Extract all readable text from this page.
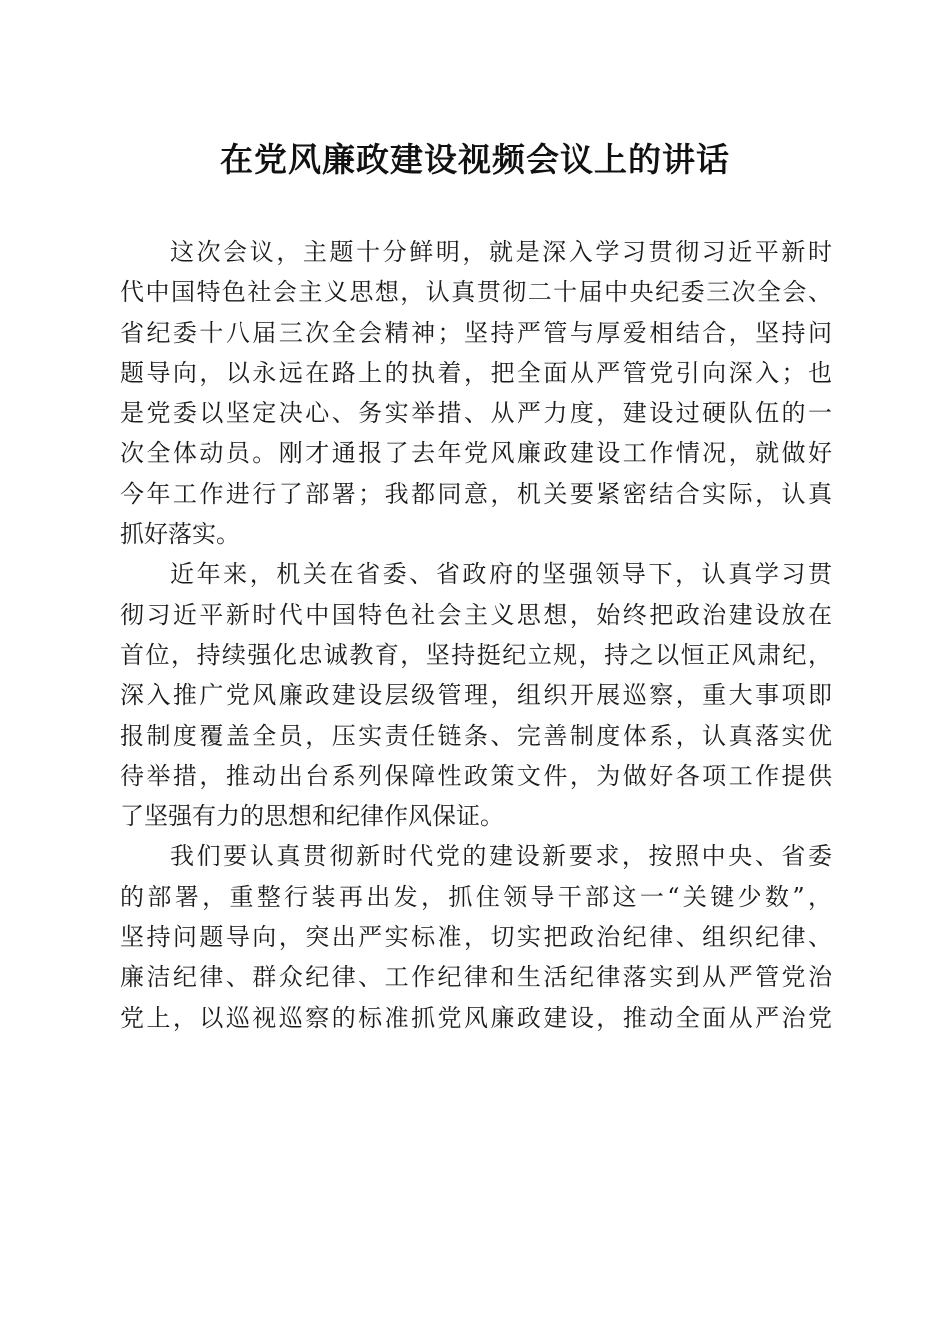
在党风廉政建设视频会议上的讲话
这次会议，主题十分鲜明，就是深入学习贯彻习近平新时
代中国特色社会主义思想，认真贯彻二十届中央纪委三次全会、
省纪委十八届三次全会精神；坚持严管与厚爱相结合，坚持问
题导向，以永远在路上的执着，把全面从严管党引向深入；也
是党委以坚定决心、务实举措、从严力度，建设过硬队伍的一
次全体动员。刚才通报了去年党风廉政建设工作情况，就做好
今年工作进行了部署；我都同意，机关要紧密结合实际，认真
抓好落实。
近年来，机关在省委、省政府的坚强领导下，认真学习贯
彻习近平新时代中国特色社会主义思想，始终把政治建设放在
首位，持续强化忠诚教育，坚持挺纪立规，持之以恒正风肃纪，
深入推广党风廉政建设层级管理，组织开展巡察，重大事项即
报制度覆盖全员，压实责任链条、完善制度体系，认真落实优
待举措，推动出台系列保障性政策文件，为做好各项工作提供
了坚强有力的思想和纪律作风保证。
我们要认真贯彻新时代党的建设新要求，按照中央、省委
的部署，重整行装再出发，抓住领导干部这一“关键少数”，
坚持问题导向，突出严实标准，切实把政治纪律、组织纪律、
廉洁纪律、群众纪律、工作纪律和生活纪律落实到从严管党治
党上，以巡视巡察的标准抓党风廉政建设，推动全面从严治党
